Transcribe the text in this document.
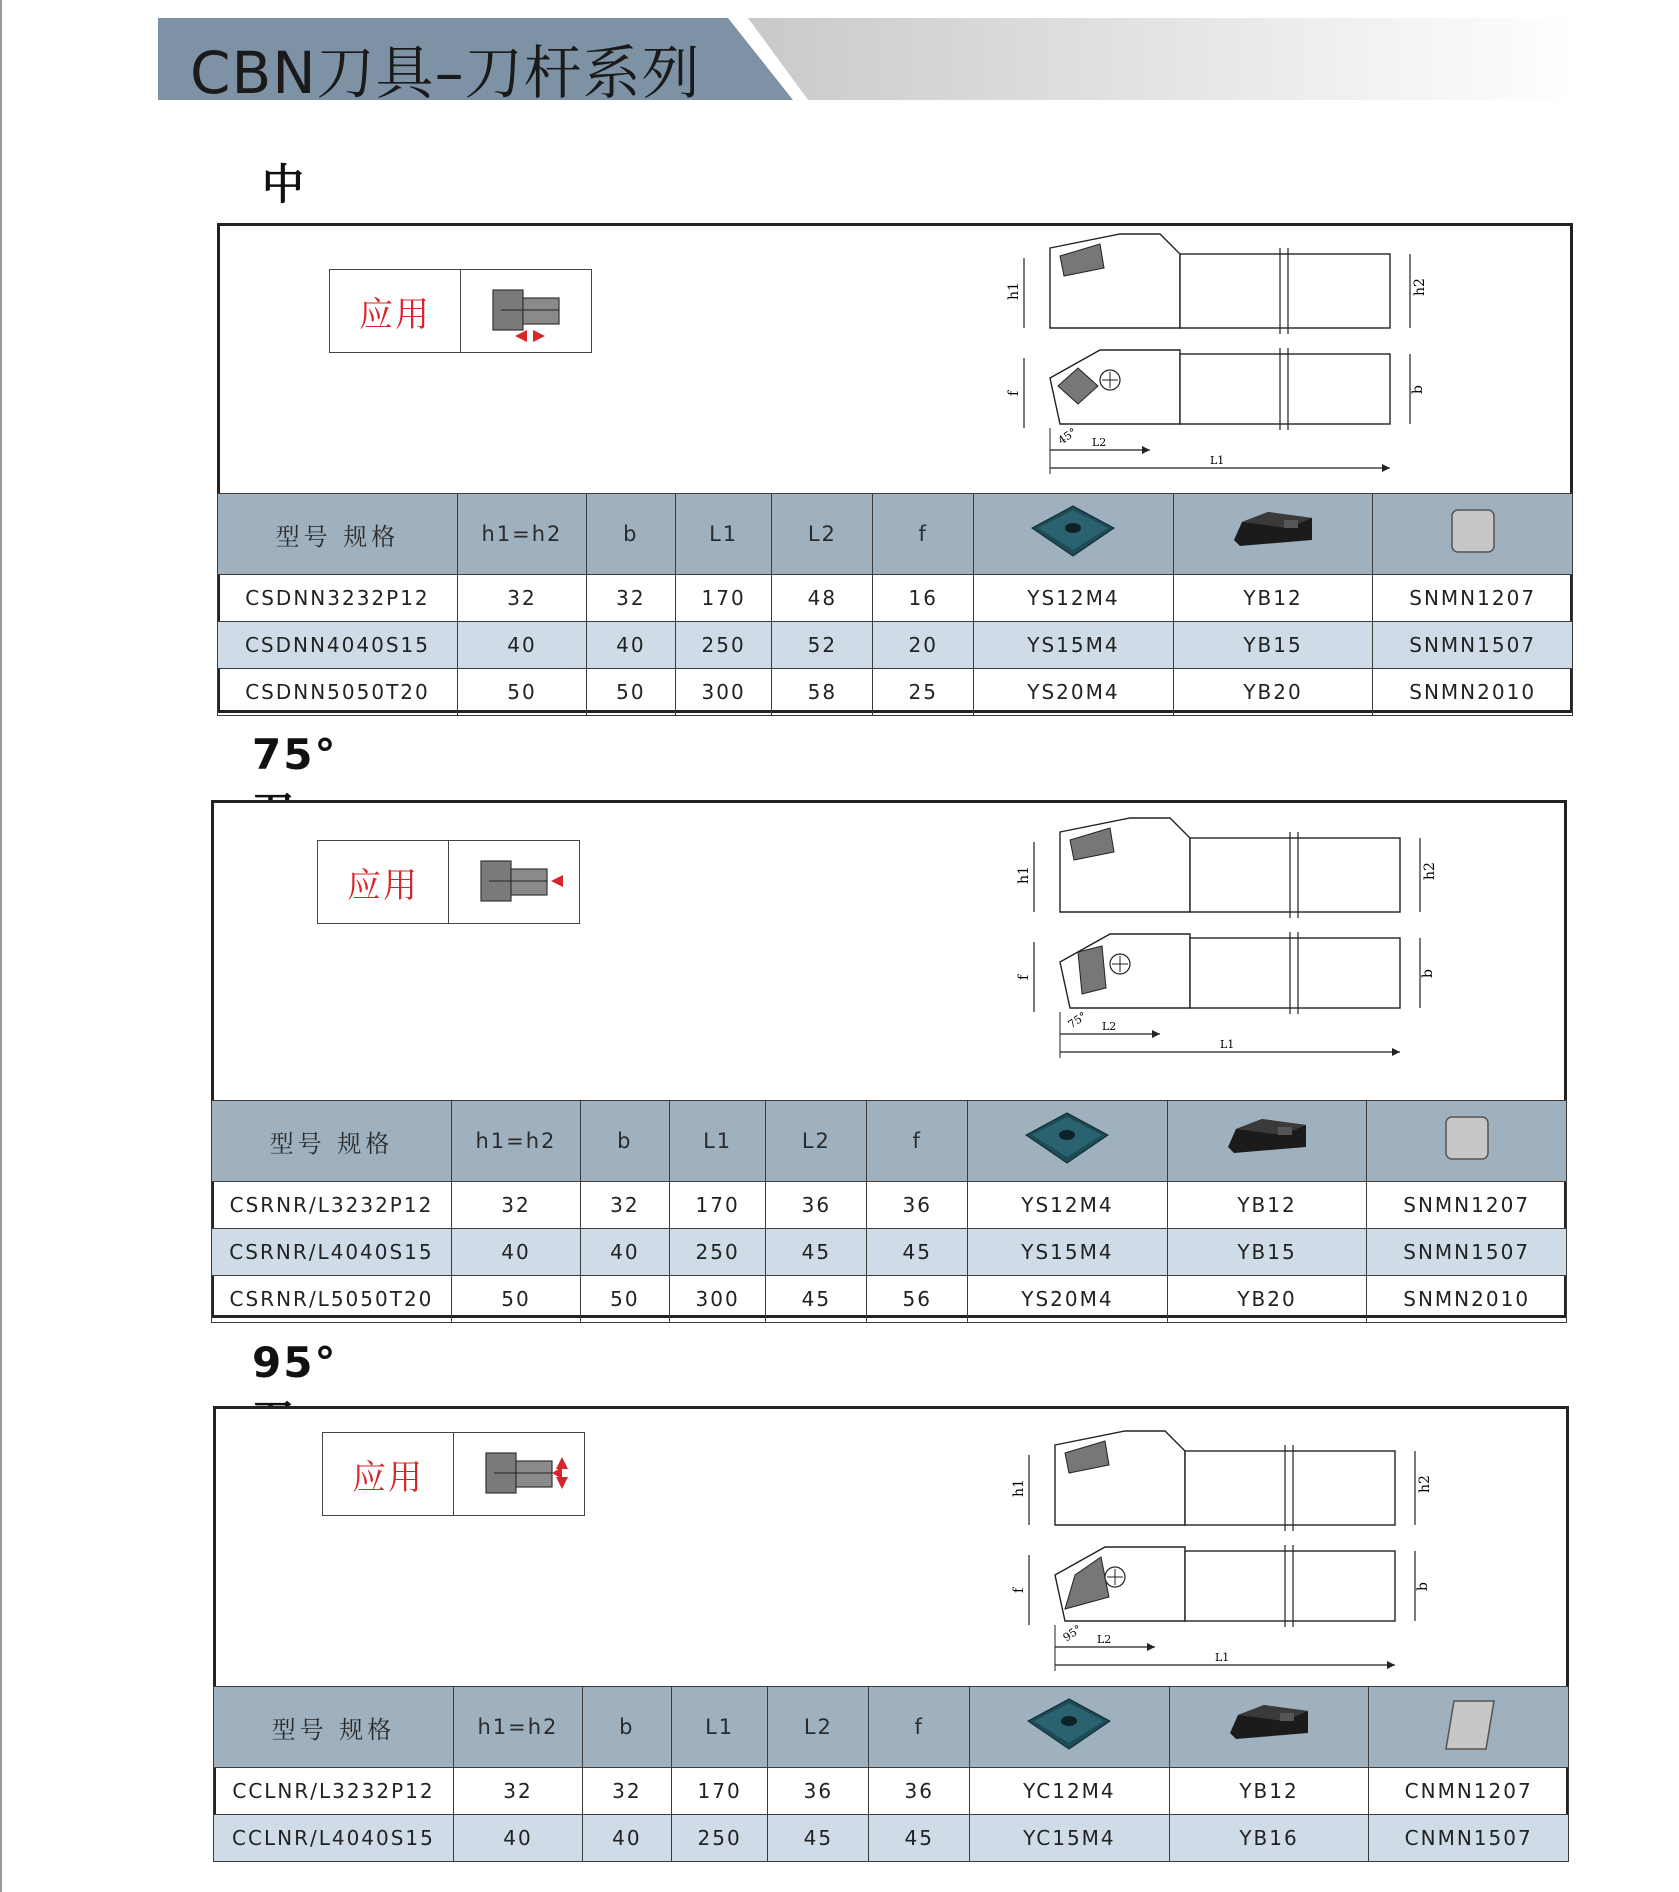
CBN刀具–刀杆系列
中
应用
h1	h2
b
f
45° L2
L1
型号 规格	h1=h2	b	L1	L2	f			
CSDNN3232P12	32	32	170	48	16	YS12M4	YB12	SNMN1207
CSDNN4040S15	40	40	250	52	20	YS15M4	YB15	SNMN1507
CSDNN5050T20	50	50	300	58	25	YS20M4	YB20	SNMN2010
75°
应用	h1	h2
b
f
75° L2
L1
型号 规格	h1=h2	b	L1	L2	f			
CSRNR/L3232P12	32	32	170	36	36	YS12M4	YB12	SNMN1207
CSRNR/L4040S15	40	40	250	45	45	YS15M4	YB15	SNMN1507
CSRNR/L5050T20	50	50	300	45	56	YS20M4	YB20	SNMN2010
95°
应用	h1	h2
b
f
95° L2
L1
型号 规格	h1=h2	b	L1	L2	f			
CCLNR/L3232P12	32	32	170	36	36	YC12M4	YB12	CNMN1207
CCLNR/L4040S15	40	40	250	45	45	YC15M4	YB16	CNMN1507
